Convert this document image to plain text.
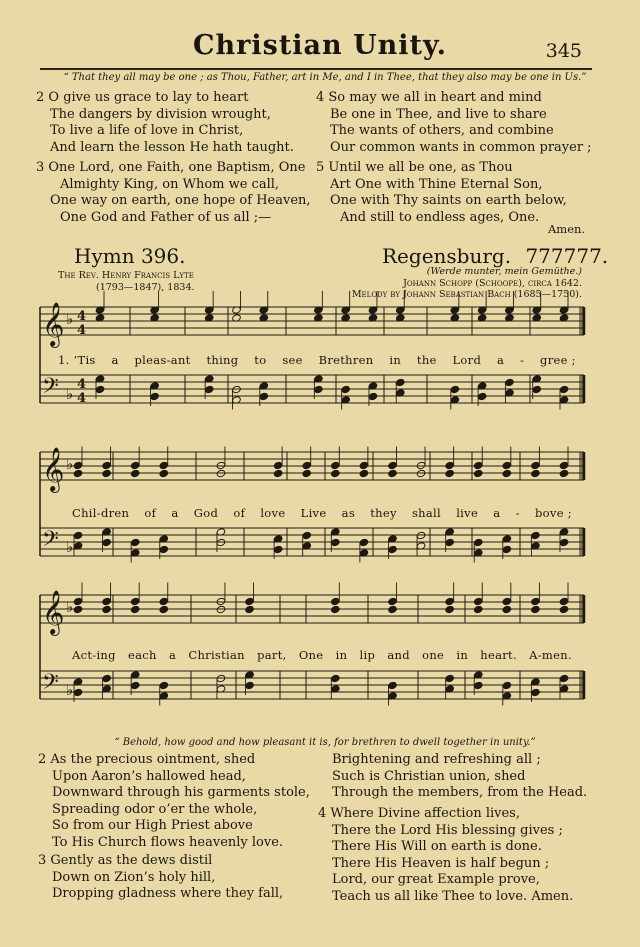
Christian Unity.	345
“ That they all may be one ; as Thou, Father, art in Me, and I in Thee, that they also may be one in Us.”
2 O give us grace to lay to heart
The dangers by division wrought,
To live a life of love in Christ,
And learn the lesson He hath taught.
3 One Lord, one Faith, one Baptism, One
Almighty King, on Whom we call,
One way on earth, one hope of Heaven,
One God and Father of us all ;—
4 So may we all in heart and mind
Be one in Thee, and live to share
The wants of others, and combine
Our common wants in common prayer ;
5 Until we all be one, as Thou
Art One with Thine Eternal Son,
One with Thy saints on earth below,
And still to endless ages, One.
Amen.
Hymn 396.	Regensburg. 777777.
The Rev. Henry Francis Lyte
(1793—1847), 1834.
(Werde munter, mein Gemüthe.)
Johann Schopp (Schoope), circa 1642.
Melody by Johann Sebastian Bach (1685—1750).
𝄞 ♭ 4
4
𝄢 ♭
4
4
𝄞 ♭
𝄢 ♭
𝄞 ♭
𝄢 ♭
1. ’Tis a pleas-ant thing to see Brethren in the Lord a - gree ;
Chil-dren of a God of love Live as they shall live a - bove ;
Act-ing each a Christian part, One in lip and one in heart. A-men.
“ Behold, how good and how pleasant it is, for brethren to dwell together in unity.”
2 As the precious ointment, shed
Upon Aaron’s hallowed head,
Downward through his garments stole,
Spreading odor o’er the whole,
So from our High Priest above
To His Church flows heavenly love.
3 Gently as the dews distil
Down on Zion’s holy hill,
Dropping gladness where they fall,
Brightening and refreshing all ;
Such is Christian union, shed
Through the members, from the Head.
4 Where Divine affection lives,
There the Lord His blessing gives ;
There His Will on earth is done.
There His Heaven is half begun ;
Lord, our great Example prove,
Teach us all like Thee to love. Amen.
